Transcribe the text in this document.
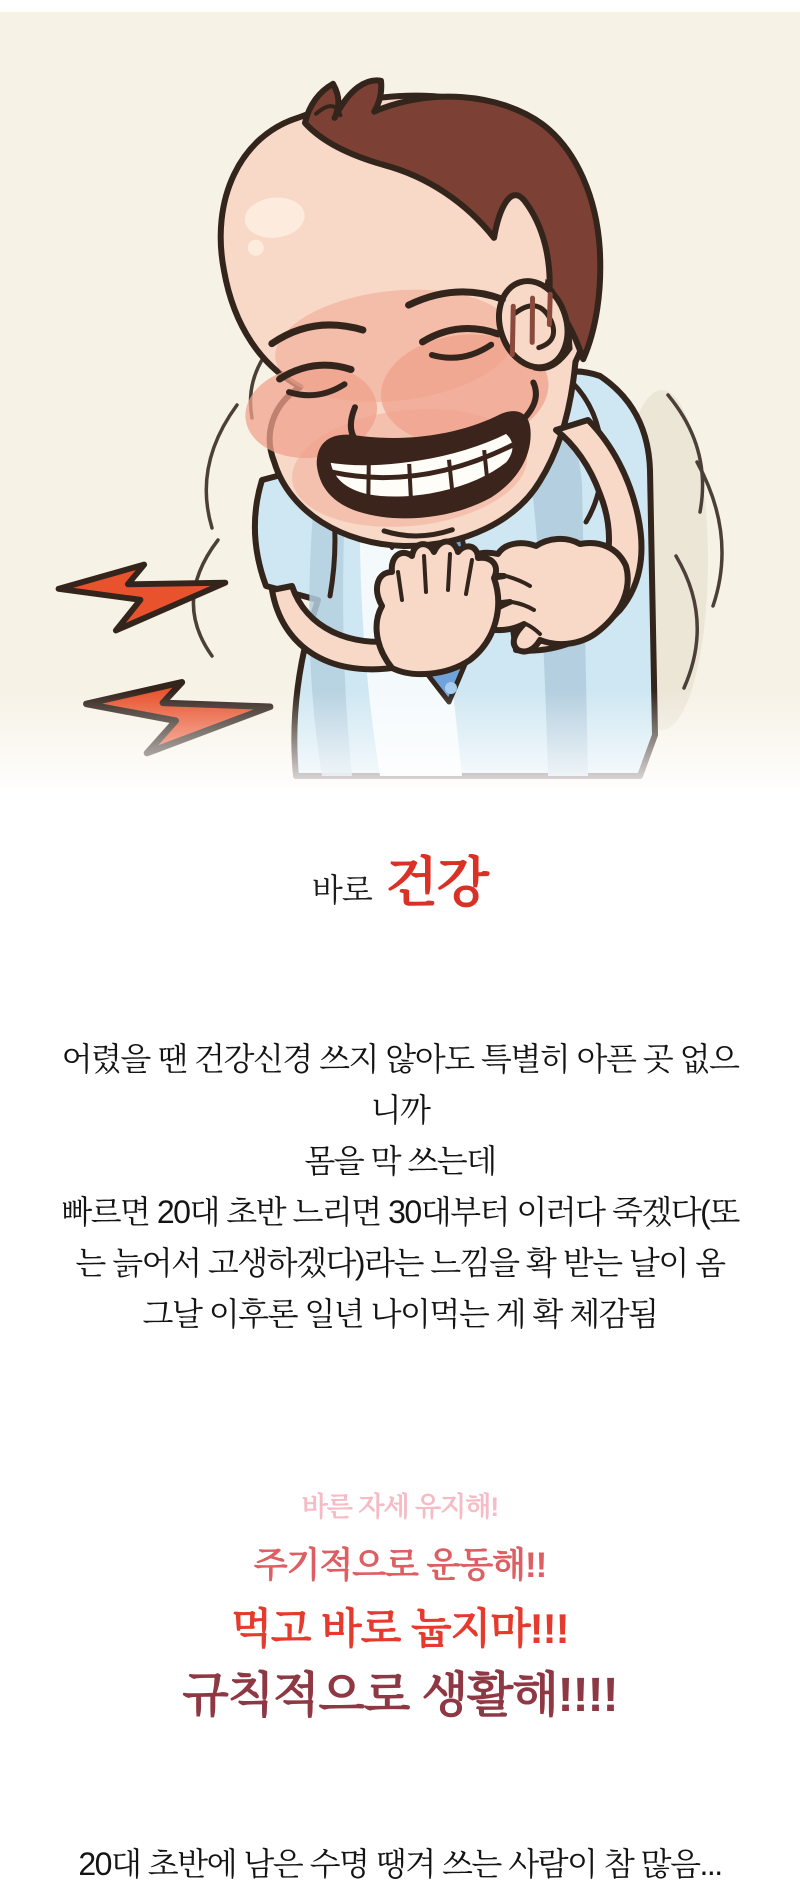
바로 건강
어렸을 땐 건강신경 쓰지 않아도 특별히 아픈 곳 없으
니까
몸을 막 쓰는데
빠르면 20대 초반 느리면 30대부터 이러다 죽겠다(또
는 늙어서 고생하겠다)라는 느낌을 확 받는 날이 옴
그날 이후론 일년 나이먹는 게 확 체감됨
바른 자세 유지해!
주기적으로 운동해!!
먹고 바로 눕지마!!!
규칙적으로 생활해!!!!
20대 초반에 남은 수명 땡겨 쓰는 사람이 참 많음...
